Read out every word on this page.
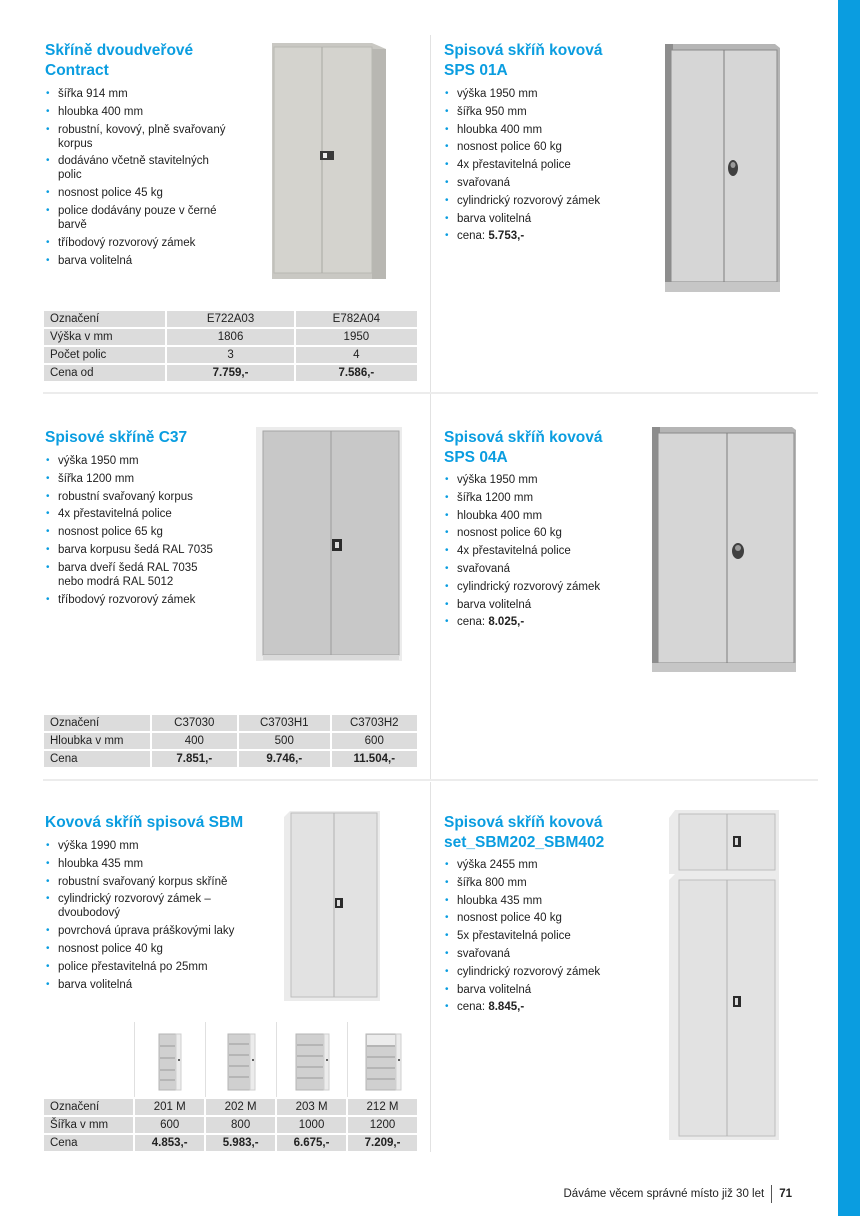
Skříně dvoudveřové
Contract
• šířka 914 mm
• hloubka 400 mm
• robustní, kovový, plně svařovaný
korpus
• dodáváno včetně stavitelných
polic
• nosnost police 45 kg
• police dodávány pouze v černé
barvě
• tříbodový rozvorový zámek
• barva volitelná
Označení	E722A03	E782A04
Výška v mm	1806	1950
Počet polic	3	4
Cena od	7.759,-	7.586,-
Spisová skříň kovová
SPS 01A
• výška 1950 mm
• šířka 950 mm
• hloubka 400 mm
• nosnost police 60 kg
• 4x přestavitelná police
• svařovaná
• cylindrický rozvorový zámek
• barva volitelná
• cena: 5.753,-
Spisové skříně C37
• výška 1950 mm
• šířka 1200 mm
• robustní svařovaný korpus
• 4x přestavitelná police
• nosnost police 65 kg
• barva korpusu šedá RAL 7035
• barva dveří šedá RAL 7035
nebo modrá RAL 5012
• tříbodový rozvorový zámek
Označení	C37030	C3703H1	C3703H2
Hloubka v mm	400	500	600
Cena	7.851,-	9.746,-	11.504,-
Spisová skříň kovová
SPS 04A
• výška 1950 mm
• šířka 1200 mm
• hloubka 400 mm
• nosnost police 60 kg
• 4x přestavitelná police
• svařovaná
• cylindrický rozvorový zámek
• barva volitelná
• cena: 8.025,-
Kovová skříň spisová SBM
• výška 1990 mm
• hloubka 435 mm
• robustní svařovaný korpus skříně
• cylindrický rozvorový zámek –
dvoubodový
• povrchová úprava práškovými laky
• nosnost police 40 kg
• police přestavitelná po 25mm
• barva volitelná
Označení	201 M	202 M	203 M	212 M
Šířka v mm	600	800	1000	1200
Cena	4.853,-	5.983,-	6.675,-	7.209,-
Spisová skříň kovová
set_SBM202_SBM402
• výška 2455 mm
• šířka 800 mm
• hloubka 435 mm
• nosnost police 40 kg
• 5x přestavitelná police
• svařovaná
• cylindrický rozvorový zámek
• barva volitelná
• cena: 8.845,-
Dáváme věcem správné místo již 30 let 71
